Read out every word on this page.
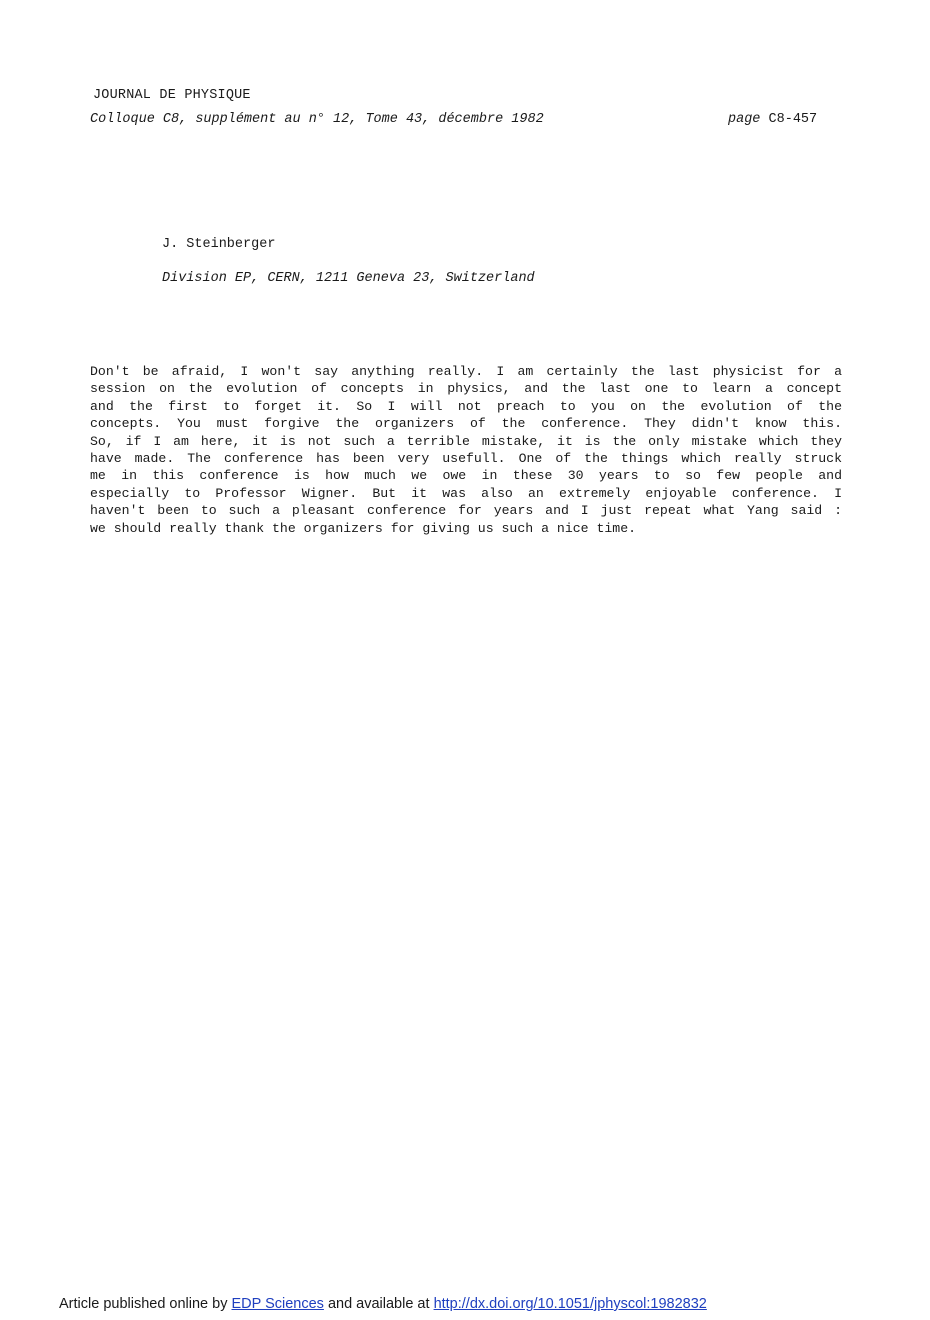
JOURNAL DE PHYSIQUE
Colloque C8, supplément au n° 12, Tome 43, décembre 1982	page C8-457
J. Steinberger
Division EP, CERN, 1211 Geneva 23, Switzerland
Don't be afraid, I won't say anything really. I am certainly the last physicist for a
session on the evolution of concepts in physics, and the last one to learn a concept
and the first to forget it. So I will not preach to you on the evolution of the
concepts. You must forgive the organizers of the conference. They didn't know this.
So, if I am here, it is not such a terrible mistake, it is the only mistake which they
have made. The conference has been very usefull. One of the things which really struck
me in this conference is how much we owe in these 30 years to so few people and
especially to Professor Wigner. But it was also an extremely enjoyable conference. I
haven't been to such a pleasant conference for years and I just repeat what Yang said :
we should really thank the organizers for giving us such a nice time.
Article published online by EDP Sciences and available at http://dx.doi.org/10.1051/jphyscol:1982832
